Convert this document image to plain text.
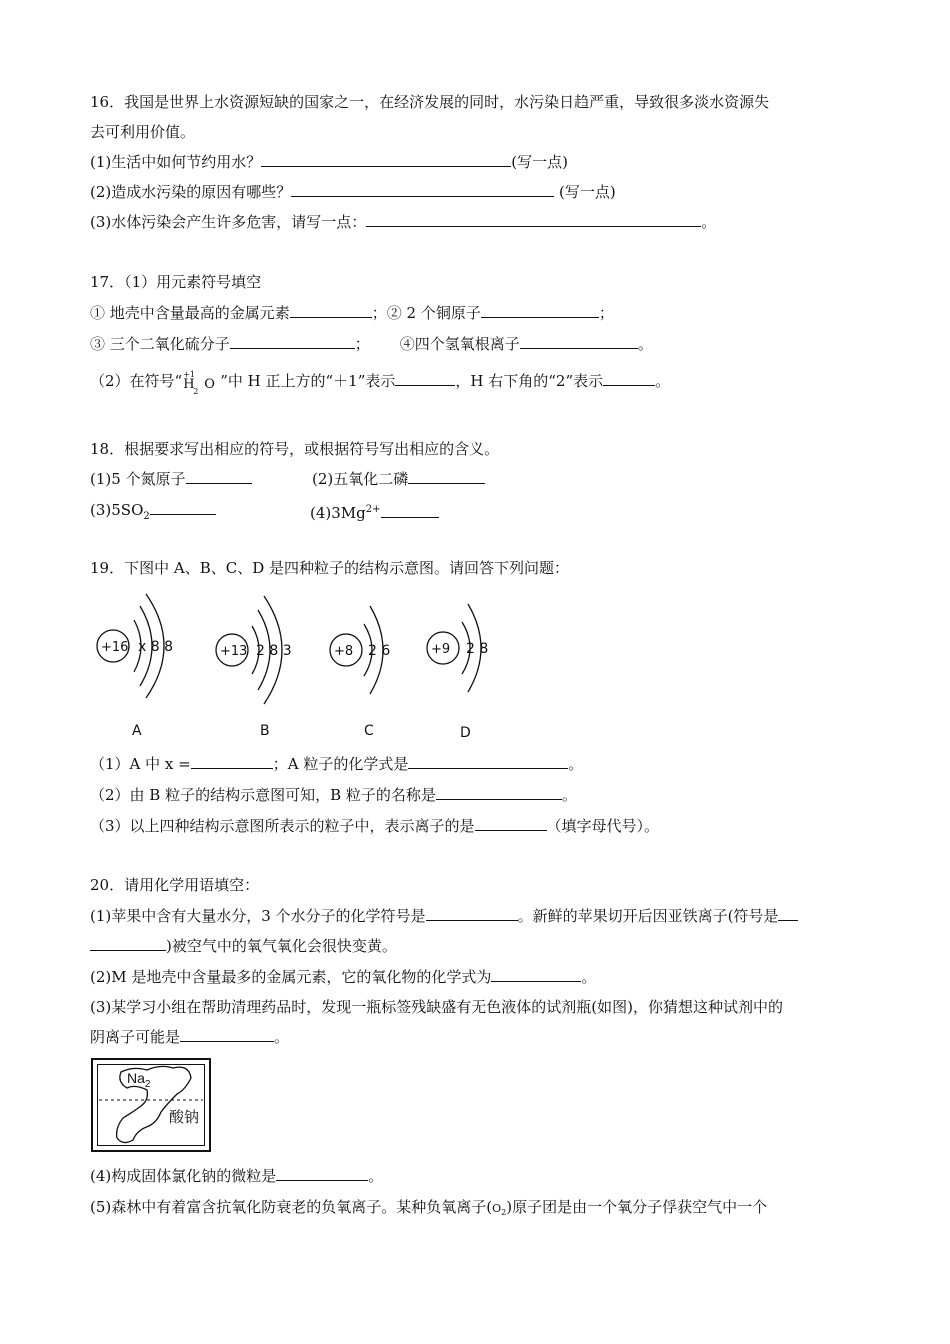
16．我国是世界上水资源短缺的国家之一，在经济发展的同时，水污染日趋严重，导致很多淡水资源失
去可利用价值。
(1)生活中如何节约用水？	(写一点)
(2)造成水污染的原因有哪些？	(写一点)
(3)水体污染会产生许多危害，请写一点：	。
17．（1）用元素符号填空
① 地壳中含量最高的金属元素	；② 2 个铜原子	；
③ 三个二氧化硫分子	； ④四个氢氧根离子	。
（2）在符号“ +1
H
2 O ”中 H 正上方的“＋1”表示	，H 右下角的“2”表示	。
18．根据要求写出相应的符号，或根据符号写出相应的含义。
(1)5 个氮原子	(2)五氧化二磷
$(3)5SO_2$	$(4)3Mg^{2+}$
19．下图中 A、B、C、D 是四种粒子的结构示意图。请回答下列问题：
+16 x 8 8	+13 2 8 3	+8 2 6	+9 2 8
A	B	C	D
（1）A 中 x =	；A 粒子的化学式是	。
（2）由 B 粒子的结构示意图可知，B 粒子的名称是	。
（3）以上四种结构示意图所表示的粒子中，表示离子的是	（填字母代号）。
20．请用化学用语填空：
(1)苹果中含有大量水分，3 个水分子的化学符号是	。新鲜的苹果切开后因亚铁离子(符号是
)被空气中的氧气氧化会很快变黄。
(2)M 是地壳中含量最多的金属元素，它的氧化物的化学式为	。
(3)某学习小组在帮助清理药品时，发现一瓶标签残缺盛有无色液体的试剂瓶(如图)，你猜想这种试剂中的
阴离子可能是	。
$Na_2$
酸钠
(4)构成固体氯化钠的微粒是	。
(5)森林中有着富含抗氧化防衰老的负氧离子。某种负氧离子$(O_2)$原子团是由一个氧分子俘获空气中一个
